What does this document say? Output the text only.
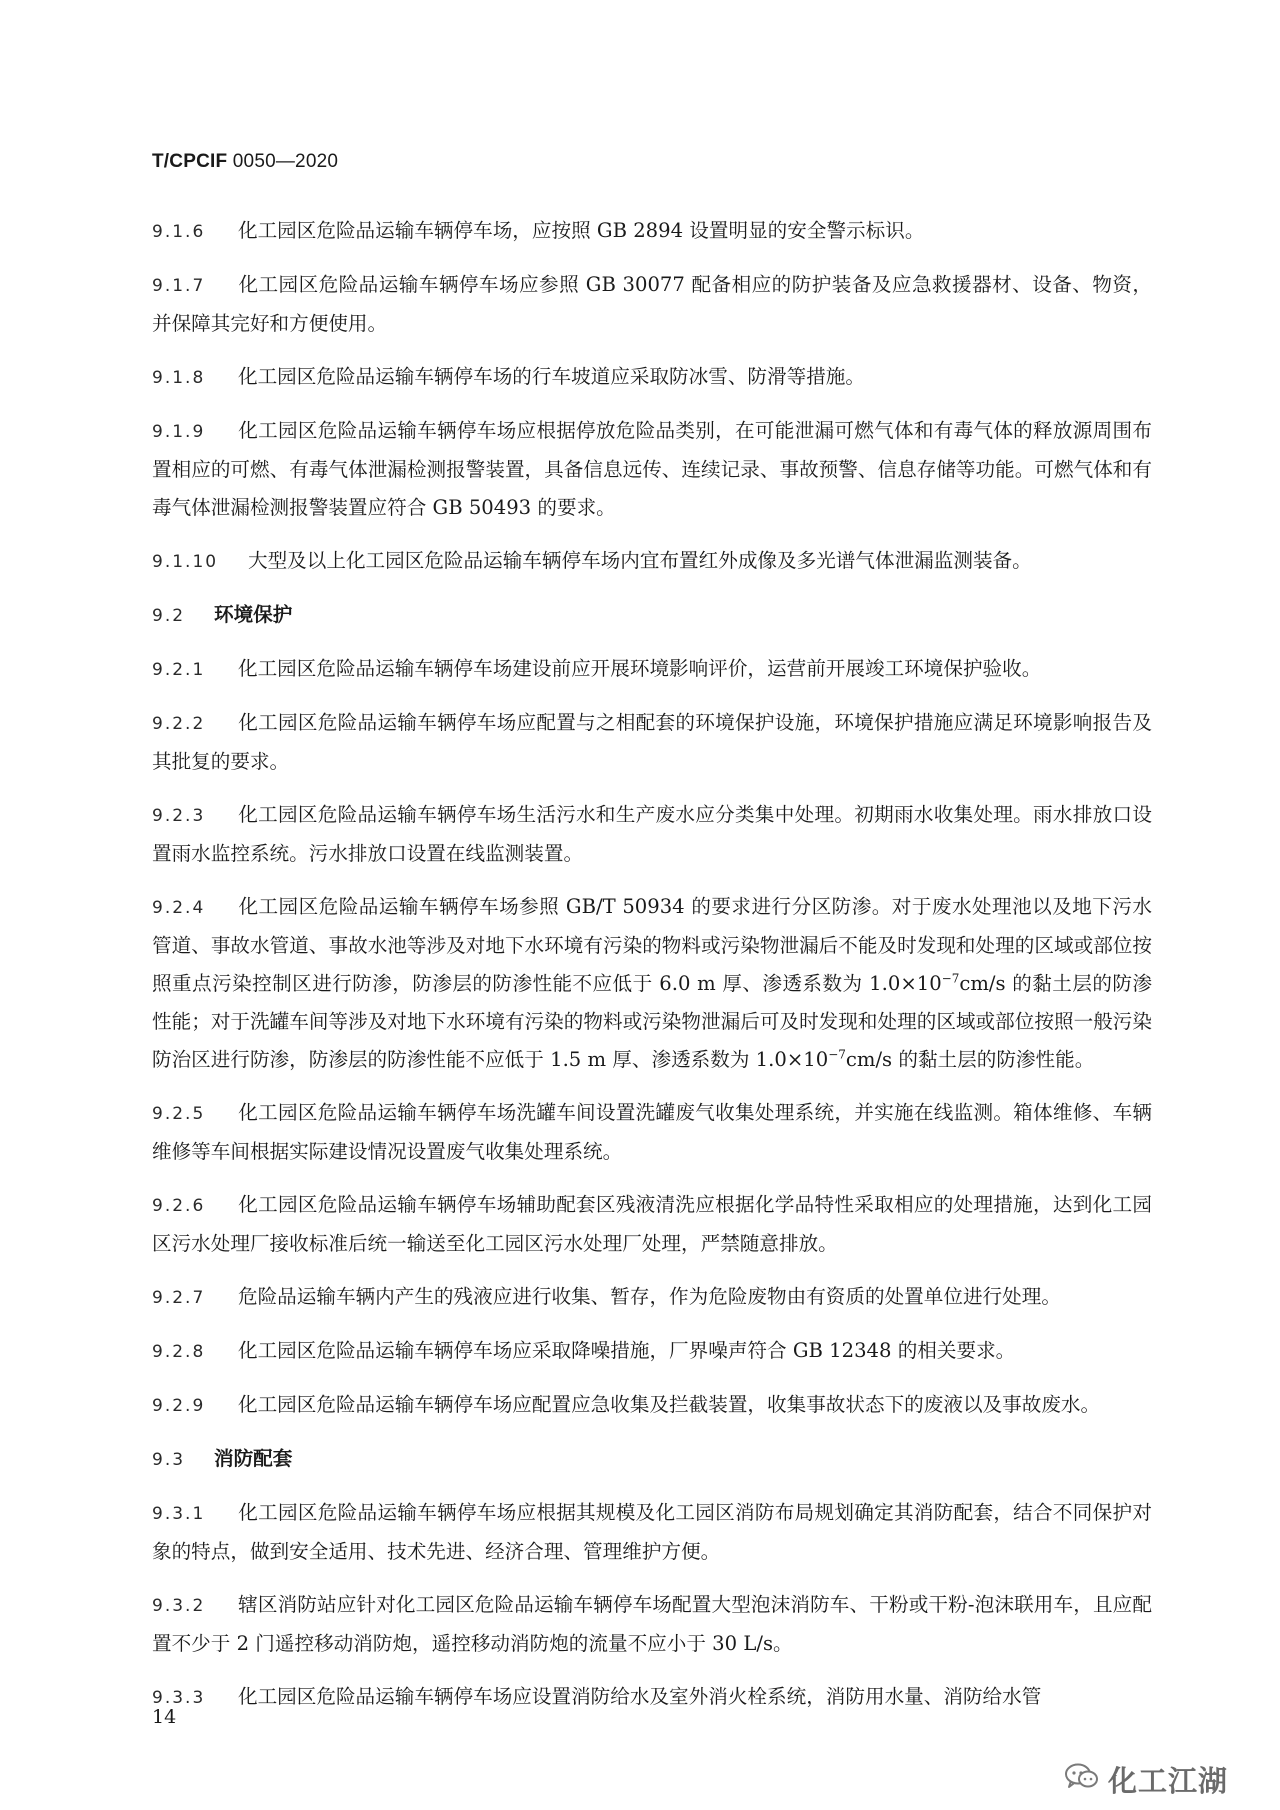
T/CPCIF 0050—2020

9.1.6 化工园区危险品运输车辆停车场，应按照 GB 2894 设置明显的安全警示标识。

9.1.7 化工园区危险品运输车辆停车场应参照 GB 30077 配备相应的防护装备及应急救援器材、设备、物资，并保障其完好和方便使用。

9.1.8 化工园区危险品运输车辆停车场的行车坡道应采取防冰雪、防滑等措施。

9.1.9 化工园区危险品运输车辆停车场应根据停放危险品类别，在可能泄漏可燃气体和有毒气体的释放源周围布置相应的可燃、有毒气体泄漏检测报警装置，具备信息远传、连续记录、事故预警、信息存储等功能。可燃气体和有毒气体泄漏检测报警装置应符合 GB 50493 的要求。

9.1.10 大型及以上化工园区危险品运输车辆停车场内宜布置红外成像及多光谱气体泄漏监测装备。

9.2 环境保护

9.2.1 化工园区危险品运输车辆停车场建设前应开展环境影响评价，运营前开展竣工环境保护验收。

9.2.2 化工园区危险品运输车辆停车场应配置与之相配套的环境保护设施，环境保护措施应满足环境影响报告及其批复的要求。

9.2.3 化工园区危险品运输车辆停车场生活污水和生产废水应分类集中处理。初期雨水收集处理。雨水排放口设置雨水监控系统。污水排放口设置在线监测装置。

9.2.4 化工园区危险品运输车辆停车场参照 GB/T 50934 的要求进行分区防渗。对于废水处理池以及地下污水管道、事故水管道、事故水池等涉及对地下水环境有污染的物料或污染物泄漏后不能及时发现和处理的区域或部位按照重点污染控制区进行防渗，防渗层的防渗性能不应低于 6.0 m 厚、渗透系数为 $1.0\times 10^{-7}cm/s$ 的黏土层的防渗性能；对于洗罐车间等涉及对地下水环境有污染的物料或污染物泄漏后可及时发现和处理的区域或部位按照一般污染防治区进行防渗，防渗层的防渗性能不应低于 1.5 m 厚、渗透系数为 $1.0\times 10^{-7}cm/s$ 的黏土层的防渗性能。

9.2.5 化工园区危险品运输车辆停车场洗罐车间设置洗罐废气收集处理系统，并实施在线监测。箱体维修、车辆维修等车间根据实际建设情况设置废气收集处理系统。

9.2.6 化工园区危险品运输车辆停车场辅助配套区残液清洗应根据化学品特性采取相应的处理措施，达到化工园区污水处理厂接收标准后统一输送至化工园区污水处理厂处理，严禁随意排放。

9.2.7 危险品运输车辆内产生的残液应进行收集、暂存，作为危险废物由有资质的处置单位进行处理。

9.2.8 化工园区危险品运输车辆停车场应采取降噪措施，厂界噪声符合 GB 12348 的相关要求。

9.2.9 化工园区危险品运输车辆停车场应配置应急收集及拦截装置，收集事故状态下的废液以及事故废水。

9.3 消防配套

9.3.1 化工园区危险品运输车辆停车场应根据其规模及化工园区消防布局规划确定其消防配套，结合不同保护对象的特点，做到安全适用、技术先进、经济合理、管理维护方便。

9.3.2 辖区消防站应针对化工园区危险品运输车辆停车场配置大型泡沫消防车、干粉或干粉-泡沫联用车，且应配置不少于 2 门遥控移动消防炮，遥控移动消防炮的流量不应小于 30 L/s。

9.3.3 化工园区危险品运输车辆停车场应设置消防给水及室外消火栓系统，消防用水量、消防给水管

14
化工江湖
